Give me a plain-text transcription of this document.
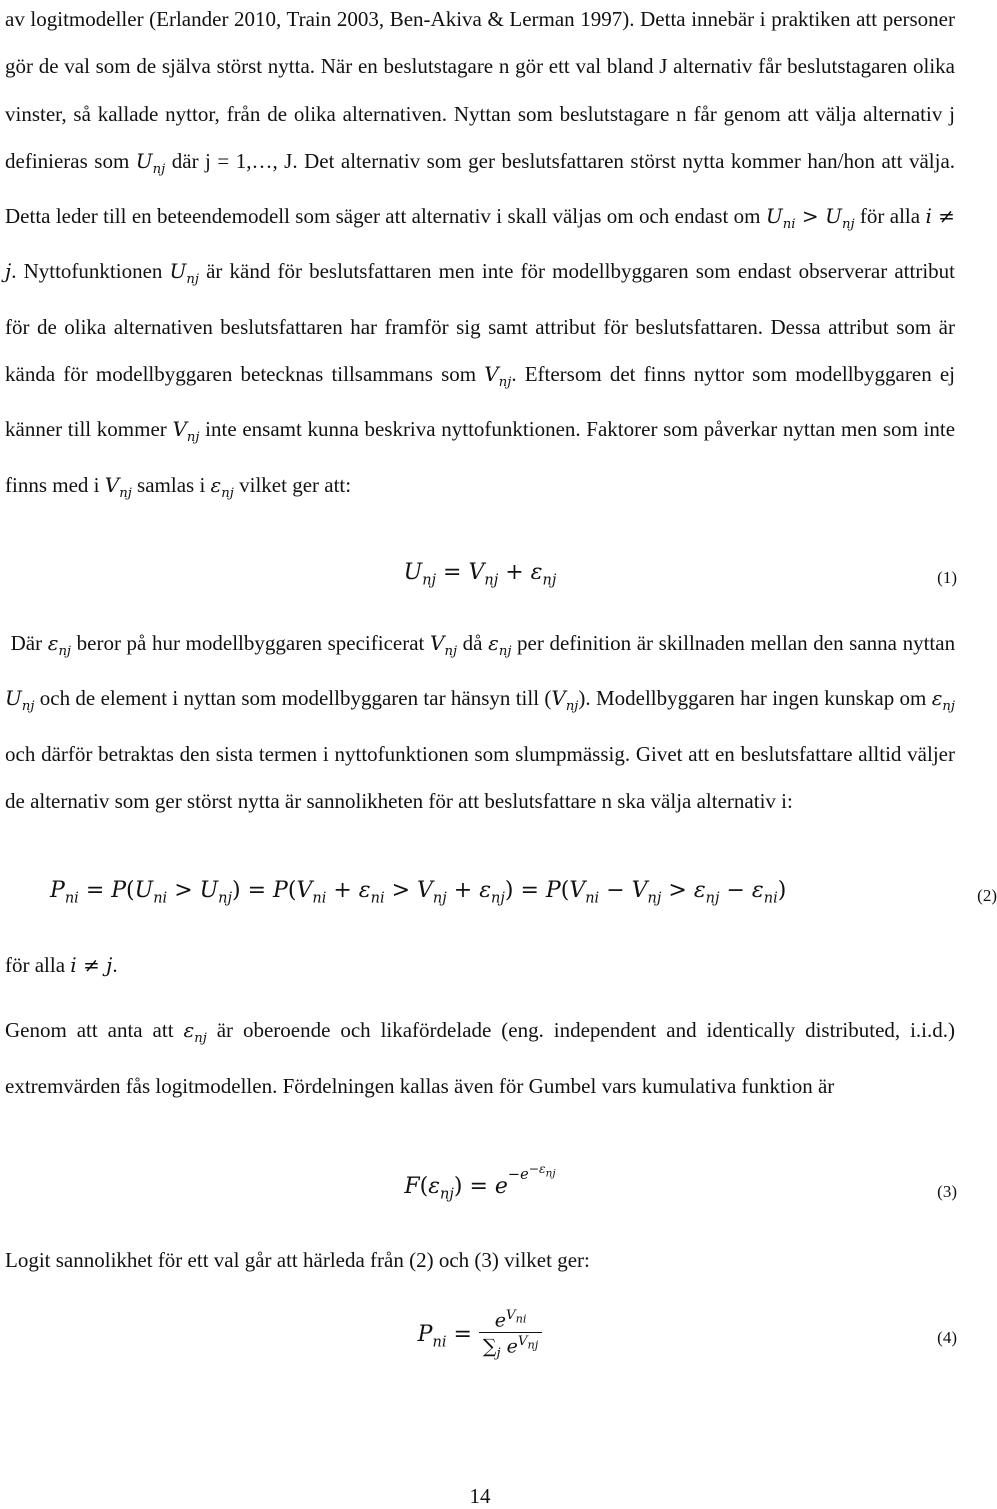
av logitmodeller (Erlander 2010, Train 2003, Ben-Akiva & Lerman 1997). Detta innebär i praktiken att personer gör de val som de själva störst nytta. När en beslutstagare n gör ett val bland J alternativ får beslutstagaren olika vinster, så kallade nyttor, från de olika alternativen. Nyttan som beslutstagare n får genom att välja alternativ j definieras som $U_{nj}$ där j = 1,…, J. Det alternativ som ger beslutsfattaren störst nytta kommer han/hon att välja. Detta leder till en beteendemodell som säger att alternativ i skall väljas om och endast om $U_{ni} > U_{nj}$ för alla i ≠ j. Nyttofunktionen $U_{nj}$ är känd för beslutsfattaren men inte för modellbyggaren som endast observerar attribut för de olika alternativen beslutsfattaren har framför sig samt attribut för beslutsfattaren. Dessa attribut som är kända för modellbyggaren betecknas tillsammans som $V_{nj}$. Eftersom det finns nyttor som modellbyggaren ej känner till kommer $V_{nj}$ inte ensamt kunna beskriva nyttofunktionen. Faktorer som påverkar nyttan men som inte finns med i $V_{nj}$ samlas i $\varepsilon_{nj}$ vilket ger att:

$U_{nj} = V_{nj} + \varepsilon_{nj}$	(1)

Där $\varepsilon_{nj}$ beror på hur modellbyggaren specificerat $V_{nj}$ då $\varepsilon_{nj}$ per definition är skillnaden mellan den sanna nyttan $U_{nj}$ och de element i nyttan som modellbyggaren tar hänsyn till $(V_{nj})$. Modellbyggaren har ingen kunskap om $\varepsilon_{nj}$ och därför betraktas den sista termen i nyttofunktionen som slumpmässig. Givet att en beslutsfattare alltid väljer de alternativ som ger störst nytta är sannolikheten för att beslutsfattare n ska välja alternativ i:

$P_{ni} = P(U_{ni} > U_{nj}) = P(V_{ni} + \varepsilon_{ni} > V_{nj} + \varepsilon_{nj}) = P(V_{ni} - V_{nj} > \varepsilon_{nj} - \varepsilon_{ni})$	(2)

för alla i ≠ j.

Genom att anta att $\varepsilon_{nj}$ är oberoende och likafördelade (eng. independent and identically distributed, i.i.d.) extremvärden fås logitmodellen. Fördelningen kallas även för Gumbel vars kumulativa funktion är

$F(\varepsilon_{nj}) = e^{-e^{-\varepsilon_{nj}}}$
(3)

Logit sannolikhet för ett val går att härleda från (2) och (3) vilket ger:

$P_{ni} = \frac{e^{V_{ni}}}{\sum_j e^{V_{nj}}}$	(4)
14
